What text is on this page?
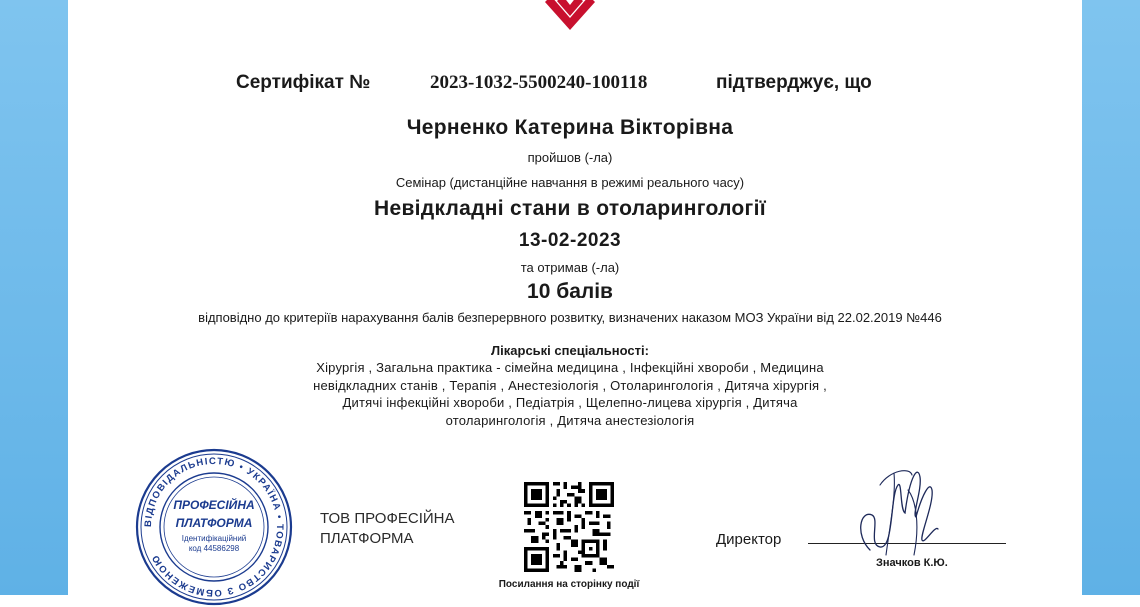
Сертифікат №	2023-1032-5500240-100118	підтверджує, що
Черненко Катерина Вікторівна
пройшов (-ла)
Семінар (дистанційне навчання в режимі реального часу)
Невідкладні стани в отоларингології
13-02-2023
та отримав (-ла)
10 балів
відповідно до критеріїв нарахування балів безперервного розвитку, визначених наказом МОЗ України від 22.02.2019 №446
Лікарські спеціальності:
Хірургія , Загальна практика - сімейна медицина , Інфекційні хвороби , Медицина
невідкладних станів , Терапія , Анестезіологія , Отоларингологія , Дитяча хірургія ,
Дитячі інфекційні хвороби , Педіатрія , Щелепно-лицева хірургія , Дитяча
отоларингологія , Дитяча анестезіологія
ВІДПОВІДАЛЬНІСТЮ • УКРАЇНА • ТОВАРИСТВО З ОБМЕЖЕНОЮ
ПРОФЕСІЙНА
ПЛАТФОРМА
Ідентифікаційний
код 44586298
ТОВ ПРОФЕСІЙНА
ПЛАТФОРМА
Посилання на сторінку події
Директор
Значков К.Ю.
